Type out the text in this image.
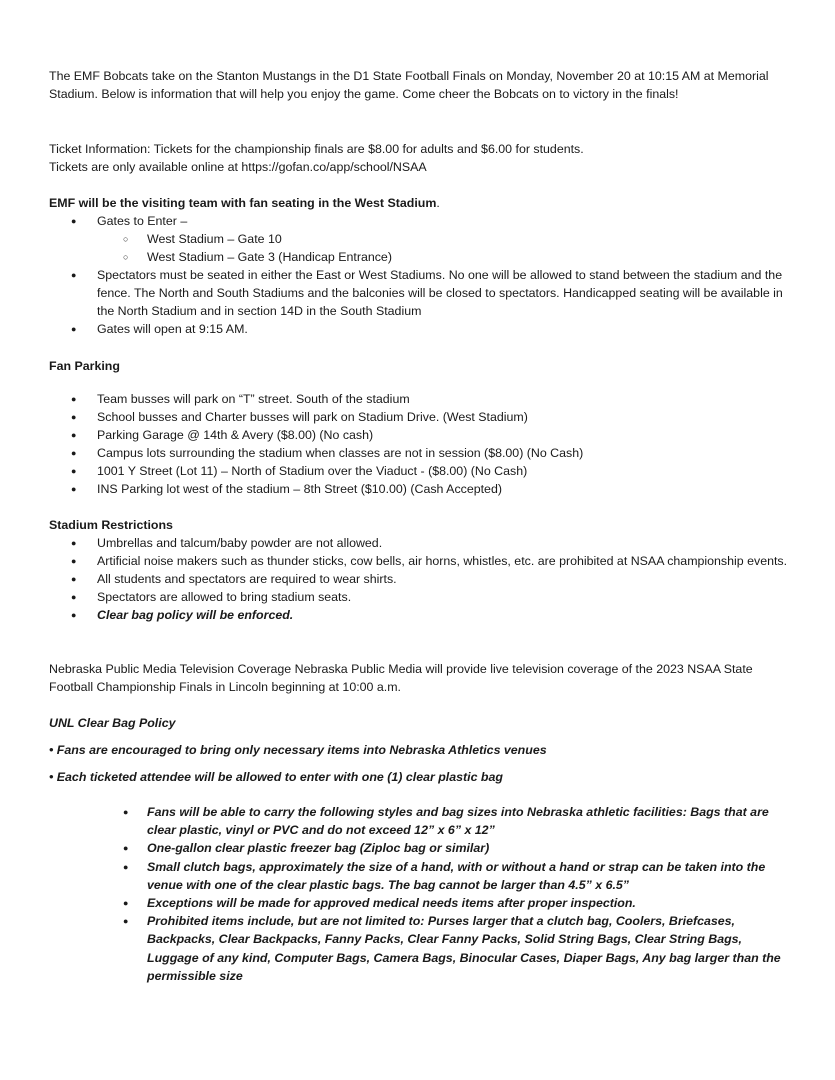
The EMF Bobcats take on the Stanton Mustangs in the D1 State Football Finals on Monday, November 20 at 10:15 AM at Memorial Stadium. Below is information that will help you enjoy the game. Come cheer the Bobcats on to victory in the finals!

Ticket Information: Tickets for the championship finals are $8.00 for adults and $6.00 for students.
Tickets are only available online at https://gofan.co/app/school/NSAA
EMF will be the visiting team with fan seating in the West Stadium.
● Gates to Enter –
○ West Stadium – Gate 10
○ West Stadium – Gate 3 (Handicap Entrance)
● Spectators must be seated in either the East or West Stadiums. No one will be allowed to stand between the stadium and the fence. The North and South Stadiums and the balconies will be closed to spectators. Handicapped seating will be available in the North Stadium and in section 14D in the South Stadium
● Gates will open at 9:15 AM.
Fan Parking
● Team busses will park on “T” street. South of the stadium
● School busses and Charter busses will park on Stadium Drive. (West Stadium)
● Parking Garage @ 14th & Avery ($8.00) (No cash)
● Campus lots surrounding the stadium when classes are not in session ($8.00) (No Cash)
● 1001 Y Street (Lot 11) – North of Stadium over the Viaduct - ($8.00) (No Cash)
● INS Parking lot west of the stadium – 8th Street ($10.00) (Cash Accepted)
Stadium Restrictions
● Umbrellas and talcum/baby powder are not allowed.
● Artificial noise makers such as thunder sticks, cow bells, air horns, whistles, etc. are prohibited at NSAA championship events.
● All students and spectators are required to wear shirts.
● Spectators are allowed to bring stadium seats.
● Clear bag policy will be enforced.

Nebraska Public Media Television Coverage Nebraska Public Media will provide live television coverage of the 2023 NSAA State Football Championship Finals in Lincoln beginning at 10:00 a.m.

UNL Clear Bag Policy
• Fans are encouraged to bring only necessary items into Nebraska Athletics venues
• Each ticketed attendee will be allowed to enter with one (1) clear plastic bag
● Fans will be able to carry the following styles and bag sizes into Nebraska athletic facilities: Bags that are clear plastic, vinyl or PVC and do not exceed 12” x 6” x 12”
● One-gallon clear plastic freezer bag (Ziploc bag or similar)
● Small clutch bags, approximately the size of a hand, with or without a hand or strap can be taken into the venue with one of the clear plastic bags. The bag cannot be larger than 4.5” x 6.5”
● Exceptions will be made for approved medical needs items after proper inspection.
● Prohibited items include, but are not limited to: Purses larger that a clutch bag, Coolers, Briefcases, Backpacks, Clear Backpacks, Fanny Packs, Clear Fanny Packs, Solid String Bags, Clear String Bags, Luggage of any kind, Computer Bags, Camera Bags, Binocular Cases, Diaper Bags, Any bag larger than the permissible size
